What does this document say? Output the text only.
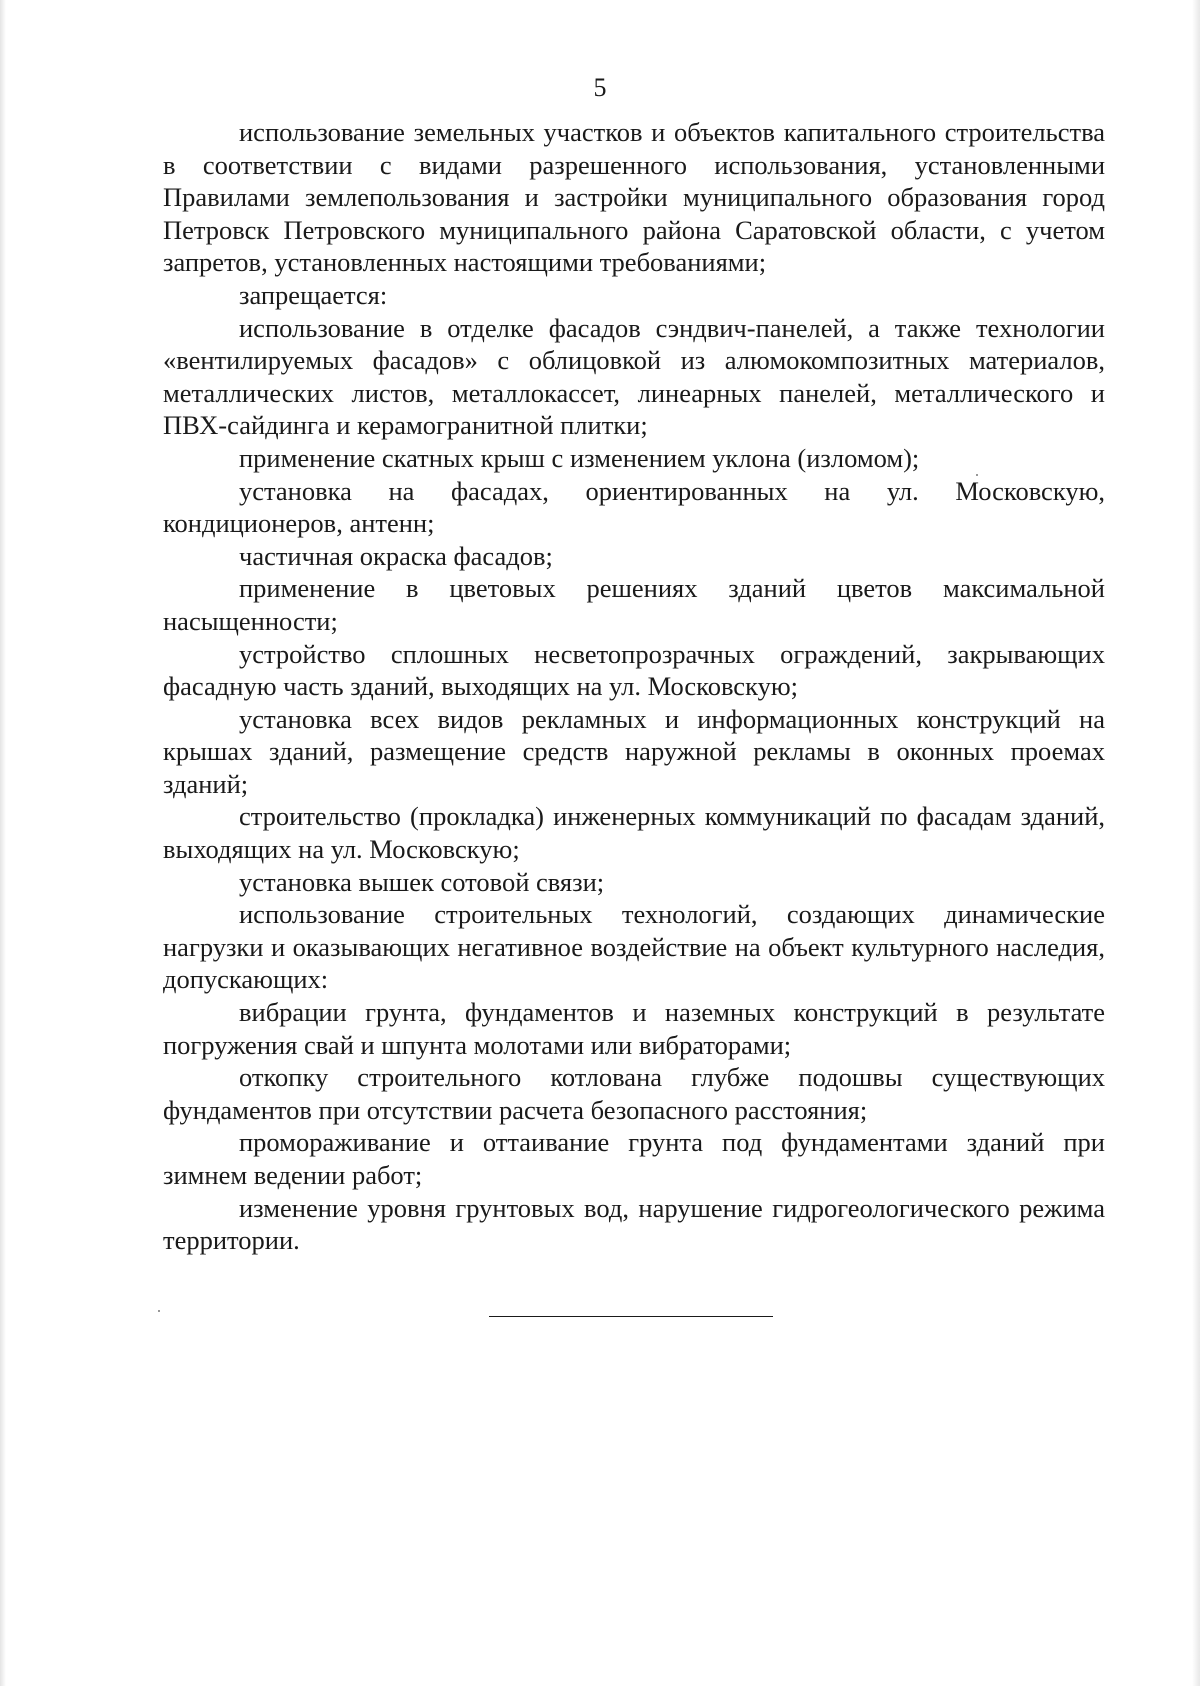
5

использование земельных участков и объектов капитального строительства в соответствии с видами разрешенного использования, установленными Правилами землепользования и застройки муниципального образования город Петровск Петровского муниципального района Саратовской области, с учетом запретов, установленных настоящими требованиями;

запрещается:

использование в отделке фасадов сэндвич-панелей, а также технологии «вентилируемых фасадов» с облицовкой из алюмокомпозитных материалов, металлических листов, металлокассет, линеарных панелей, металлического и ПВХ-сайдинга и керамогранитной плитки;

применение скатных крыш с изменением уклона (изломом);

установка на фасадах, ориентированных на ул. Московскую, кондиционеров, антенн;

частичная окраска фасадов;

применение в цветовых решениях зданий цветов максимальной насыщенности;

устройство сплошных несветопрозрачных ограждений, закрывающих фасадную часть зданий, выходящих на ул. Московскую;

установка всех видов рекламных и информационных конструкций на крышах зданий, размещение средств наружной рекламы в оконных проемах зданий;

строительство (прокладка) инженерных коммуникаций по фасадам зданий, выходящих на ул. Московскую;

установка вышек сотовой связи;

использование строительных технологий, создающих динамические нагрузки и оказывающих негативное воздействие на объект культурного наследия, допускающих:

вибрации грунта, фундаментов и наземных конструкций в результате погружения свай и шпунта молотами или вибраторами;

откопку строительного котлована глубже подошвы существующих фундаментов при отсутствии расчета безопасного расстояния;

промораживание и оттаивание грунта под фундаментами зданий при зимнем ведении работ;

изменение уровня грунтовых вод, нарушение гидрогеологического режима территории.
